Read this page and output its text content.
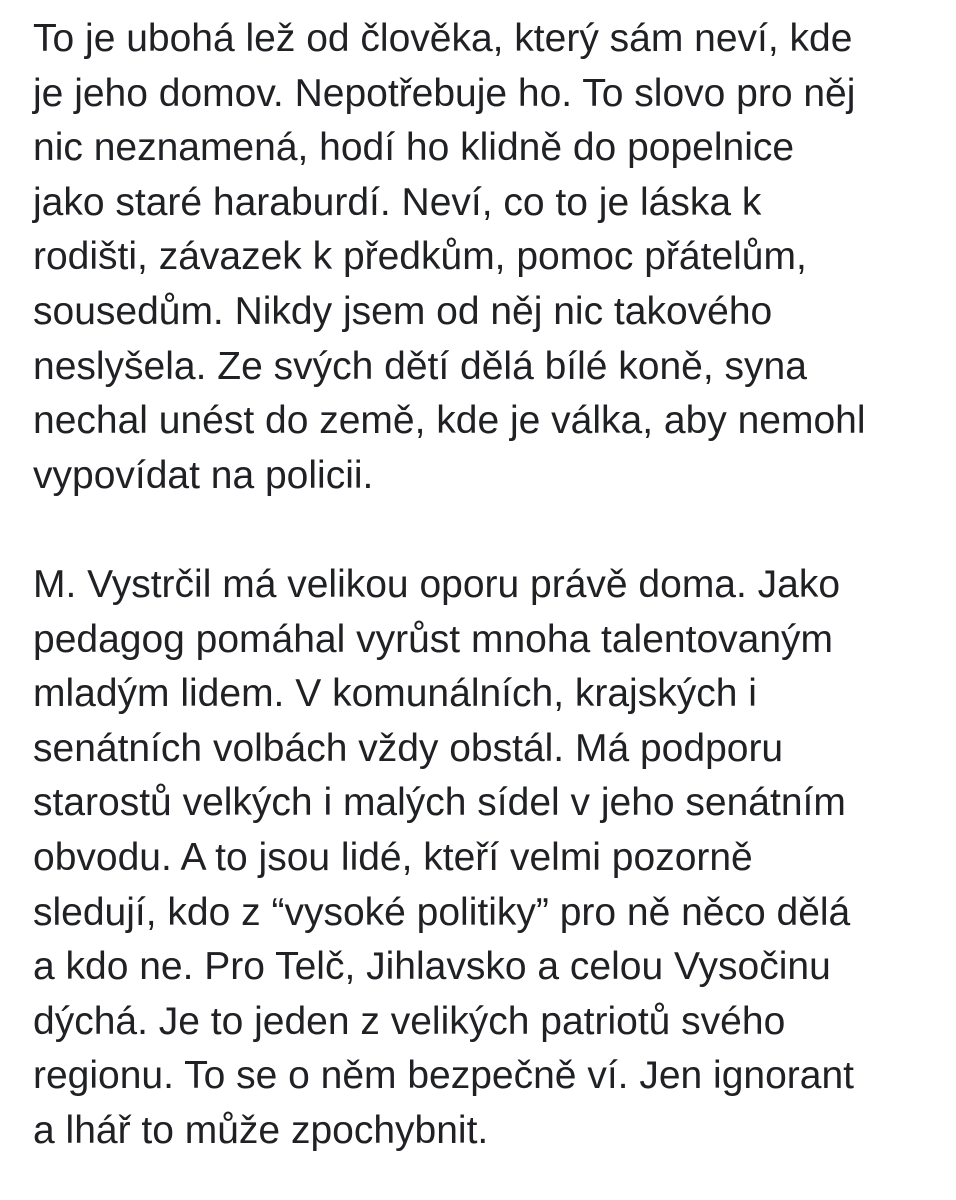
To je ubohá lež od člověka, který sám neví, kde
je jeho domov. Nepotřebuje ho. To slovo pro něj
nic neznamená, hodí ho klidně do popelnice
jako staré haraburdí. Neví, co to je láska k
rodišti, závazek k předkům, pomoc přátelům,
sousedům. Nikdy jsem od něj nic takového
neslyšela. Ze svých dětí dělá bílé koně, syna
nechal unést do země, kde je válka, aby nemohl
vypovídat na policii.

M. Vystrčil má velikou oporu právě doma. Jako
pedagog pomáhal vyrůst mnoha talentovaným
mladým lidem. V komunálních, krajských i
senátních volbách vždy obstál. Má podporu
starostů velkých i malých sídel v jeho senátním
obvodu. A to jsou lidé, kteří velmi pozorně
sledují, kdo z “vysoké politiky” pro ně něco dělá
a kdo ne. Pro Telč, Jihlavsko a celou Vysočinu
dýchá. Je to jeden z velikých patriotů svého
regionu. To se o něm bezpečně ví. Jen ignorant
a lhář to může zpochybnit.
